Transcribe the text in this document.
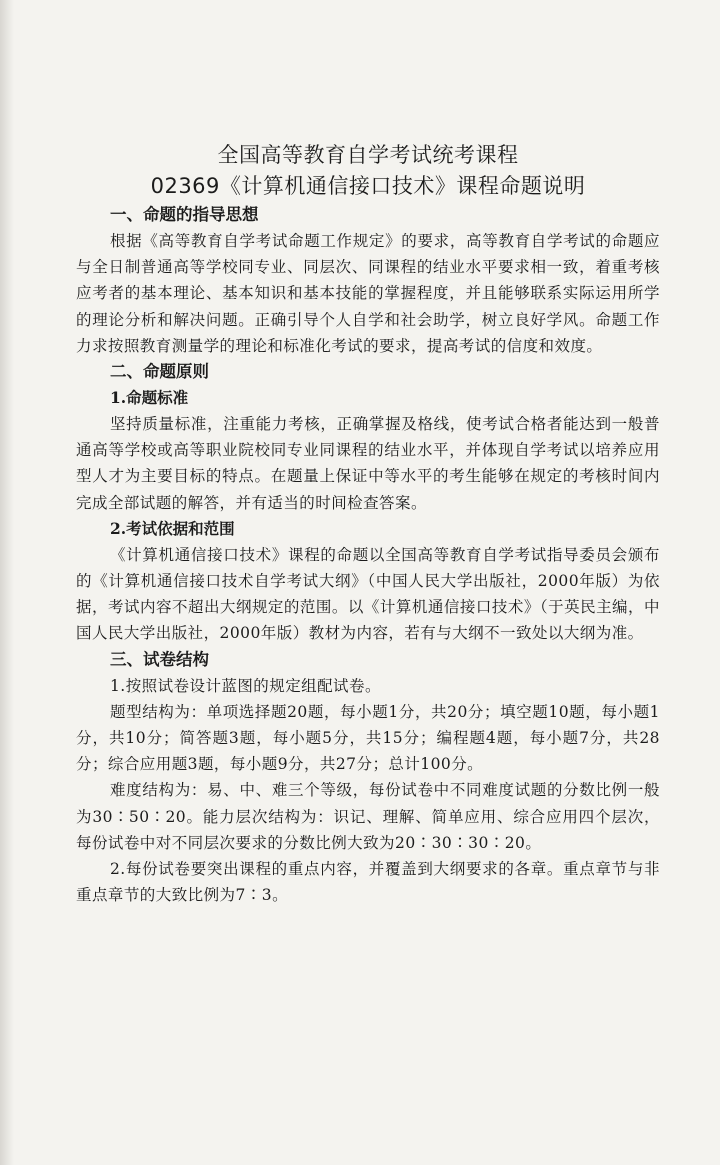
全国高等教育自学考试统考课程
02369《计算机通信接口技术》课程命题说明
一、命题的指导思想

根据《高等教育自学考试命题工作规定》的要求，高等教育自学考试的命题应与全日制普通高等学校同专业、同层次、同课程的结业水平要求相一致，着重考核应考者的基本理论、基本知识和基本技能的掌握程度，并且能够联系实际运用所学的理论分析和解决问题。正确引导个人自学和社会助学，树立良好学风。命题工作力求按照教育测量学的理论和标准化考试的要求，提高考试的信度和效度。

二、命题原则
1.命题标准

坚持质量标准，注重能力考核，正确掌握及格线，使考试合格者能达到一般普通高等学校或高等职业院校同专业同课程的结业水平，并体现自学考试以培养应用型人才为主要目标的特点。在题量上保证中等水平的考生能够在规定的考核时间内完成全部试题的解答，并有适当的时间检查答案。

2.考试依据和范围

《计算机通信接口技术》课程的命题以全国高等教育自学考试指导委员会颁布的《计算机通信接口技术自学考试大纲》（中国人民大学出版社，2000年版）为依据，考试内容不超出大纲规定的范围。以《计算机通信接口技术》（于英民主编，中国人民大学出版社，2000年版）教材为内容，若有与大纲不一致处以大纲为准。

三、试卷结构

1.按照试卷设计蓝图的规定组配试卷。

题型结构为：单项选择题20题，每小题1分，共20分；填空题10题，每小题1分，共10分；简答题3题，每小题5分，共15分；编程题4题，每小题7分，共28分；综合应用题3题，每小题9分，共27分；总计100分。

难度结构为：易、中、难三个等级，每份试卷中不同难度试题的分数比例一般为30∶50∶20。能力层次结构为：识记、理解、简单应用、综合应用四个层次，每份试卷中对不同层次要求的分数比例大致为20∶30∶30∶20。

2.每份试卷要突出课程的重点内容，并覆盖到大纲要求的各章。重点章节与非重点章节的大致比例为7∶3。
